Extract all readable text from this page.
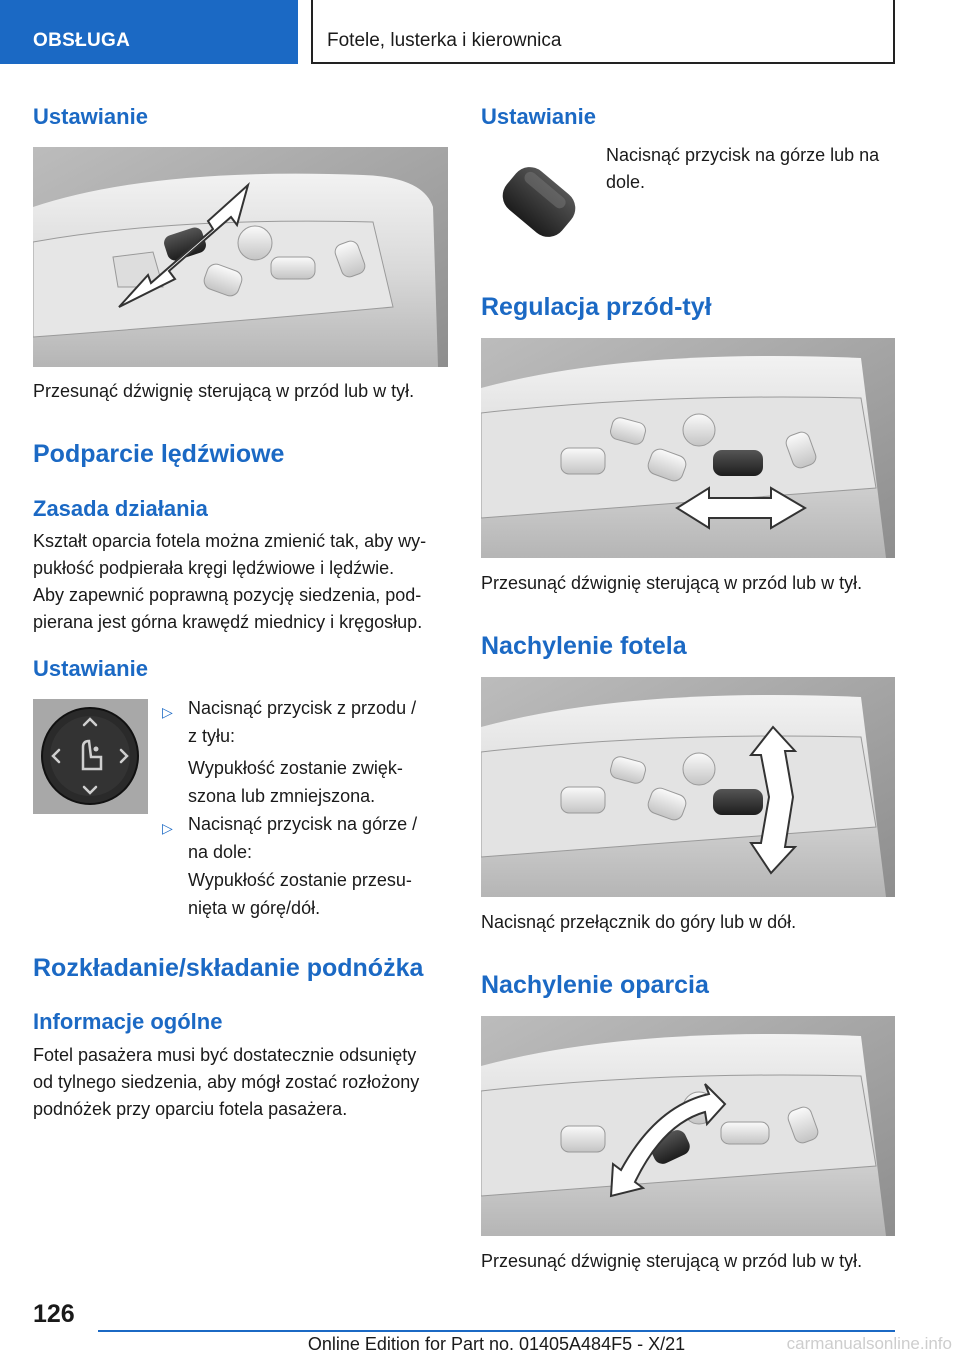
OBSŁUGA	Fotele, lusterka i kierownica
Ustawianie
Przesunąć dźwignię sterującą w przód lub w tył.
Podparcie lędźwiowe
Zasada działania
Kształt oparcia fotela można zmienić tak, aby wy-
pukłość podpierała kręgi lędźwiowe i lędźwie.
Aby zapewnić poprawną pozycję siedzenia, pod-
pierana jest górna krawędź miednicy i kręgosłup.
Ustawianie
▷ Nacisnąć przycisk z przodu /
z tyłu:
Wypukłość zostanie zwięk-
szona lub zmniejszona.
▷ Nacisnąć przycisk na górze /
na dole:
Wypukłość zostanie przesu-
nięta w górę/dół.
Rozkładanie/składanie podnóżka
Informacje ogólne
Fotel pasażera musi być dostatecznie odsunięty
od tylnego siedzenia, aby mógł zostać rozłożony
podnóżek przy oparciu fotela pasażera.
Ustawianie
Nacisnąć przycisk na górze lub na
dole.
Regulacja przód-tył
Przesunąć dźwignię sterującą w przód lub w tył.
Nachylenie fotela
Nacisnąć przełącznik do góry lub w dół.
Nachylenie oparcia
Przesunąć dźwignię sterującą w przód lub w tył.
126
Online Edition for Part no. 01405A484F5 - X/21	carmanualsonline.info
